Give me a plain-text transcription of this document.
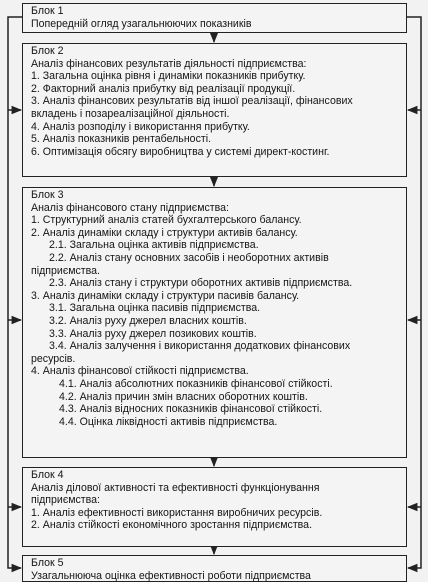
Блок 1
Попередній огляд узагальнюючих показників
Блок 2
Аналіз фінансових результатів діяльності підприємства:
1. Загальна оцінка рівня і динаміки показників прибутку.
2. Факторний аналіз прибутку від реалізації продукції.
3. Аналіз фінансових результатів від іншої реалізації, фінансових
вкладень і позареалізаційної діяльності.
4. Аналіз розподілу і використання прибутку.
5. Аналіз показників рентабельності.
6. Оптимізація обсягу виробництва у системі директ-костинг.
Блок 3
Аналіз фінансового стану підприємства:
1. Структурний аналіз статей бухгалтерського балансу.
2. Аналіз динаміки складу і структури активів балансу.
2.1. Загальна оцінка активів підприємства.
2.2. Аналіз стану основних засобів і необоротних активів
підприємства.
2.3. Аналіз стану і структури оборотних активів підприємства.
3. Аналіз динаміки складу і структури пасивів балансу.
3.1. Загальна оцінка пасивів підприємства.
3.2. Аналіз руху джерел власних коштів.
3.3. Аналіз руху джерел позикових коштів.
3.4. Аналіз залучення і використання додаткових фінансових
ресурсів.
4. Аналіз фінансової стійкості підприємства.
4.1. Аналіз абсолютних показників фінансової стійкості.
4.2. Аналіз причин змін власних оборотних коштів.
4.3. Аналіз відносних показників фінансової стійкості.
4.4. Оцінка ліквідності активів підприємства.
Блок 4
Аналіз ділової активності та ефективності функціонування
підприємства:
1. Аналіз ефективності використання виробничих ресурсів.
2. Аналіз стійкості економічного зростання підприємства.
Блок 5
Узагальнююча оцінка ефективності роботи підприємства
